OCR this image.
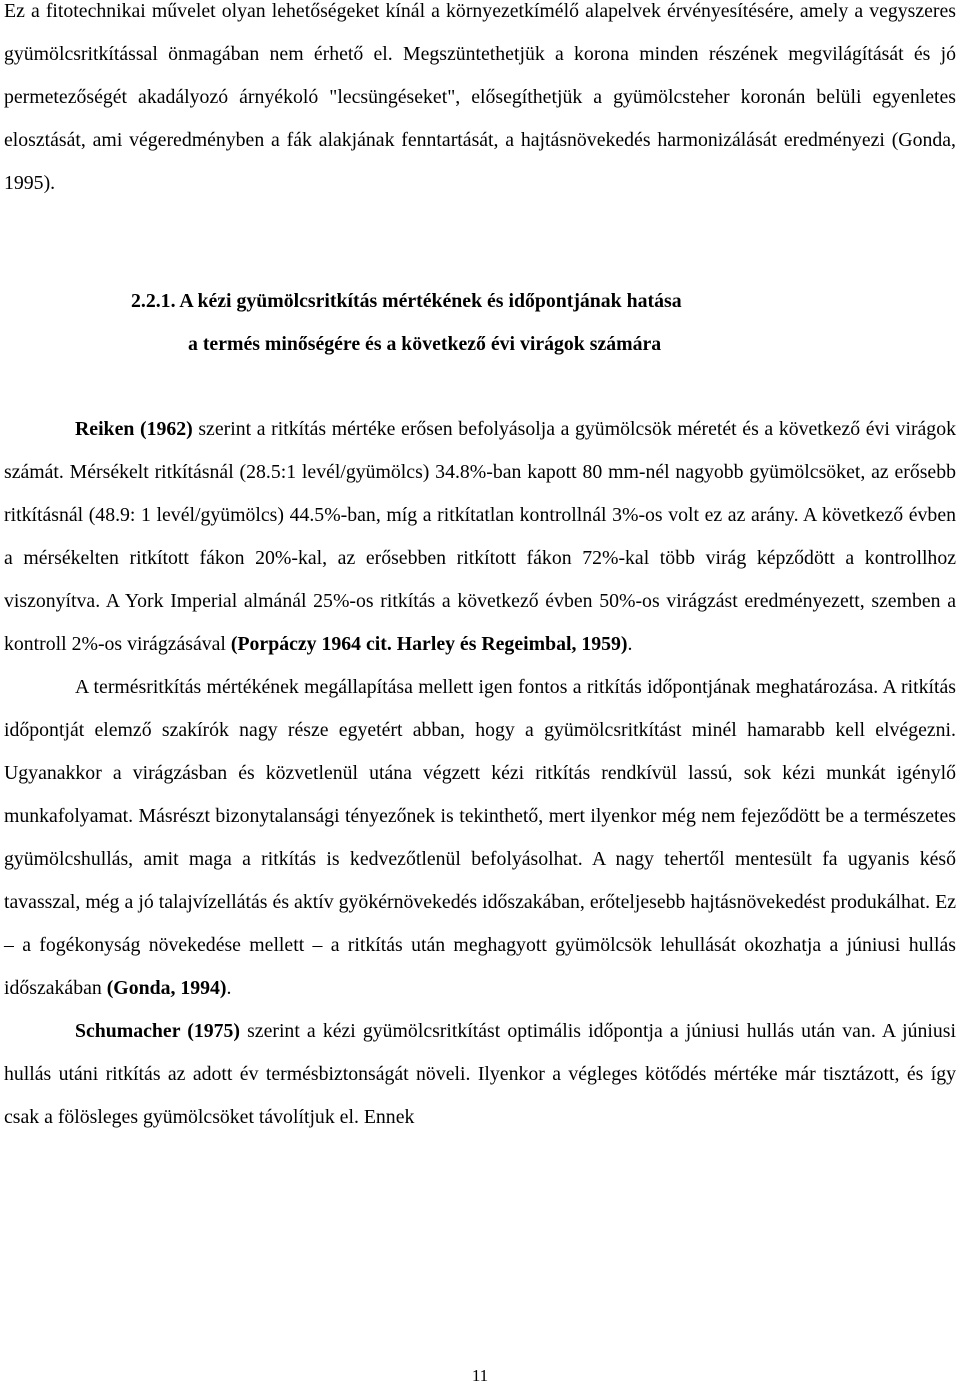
Ez a fitotechnikai művelet olyan lehetőségeket kínál a környezetkímélő alapelvek érvényesítésére, amely a vegyszeres gyümölcsritkítással önmagában nem érhető el. Megszüntethetjük a korona minden részének megvilágítását és jó permetezőségét akadályozó árnyékoló "lecsüngéseket", elősegíthetjük a gyümölcsteher koronán belüli egyenletes elosztását, ami végeredményben a fák alakjának fenntartását, a hajtásnövekedés harmonizálását eredményezi (Gonda, 1995).

2.2.1. A kézi gyümölcsritkítás mértékének és időpontjának hatása
a termés minőségére és a következő évi virágok számára

Reiken (1962) szerint a ritkítás mértéke erősen befolyásolja a gyümölcsök méretét és a következő évi virágok számát. Mérsékelt ritkításnál (28.5:1 levél/gyümölcs) 34.8%-ban kapott 80 mm-nél nagyobb gyümölcsöket, az erősebb ritkításnál (48.9: 1 levél/gyümölcs) 44.5%-ban, míg a ritkítatlan kontrollnál 3%-os volt ez az arány. A következő évben a mérsékelten ritkított fákon 20%-kal, az erősebben ritkított fákon 72%-kal több virág képződött a kontrollhoz viszonyítva. A York Imperial almánál 25%-os ritkítás a következő évben 50%-os virágzást eredményezett, szemben a kontroll 2%-os virágzásával (Porpáczy 1964 cit. Harley és Regeimbal, 1959).

A termésritkítás mértékének megállapítása mellett igen fontos a ritkítás időpontjának meghatározása. A ritkítás időpontját elemző szakírók nagy része egyetért abban, hogy a gyümölcsritkítást minél hamarabb kell elvégezni. Ugyanakkor a virágzásban és közvetlenül utána végzett kézi ritkítás rendkívül lassú, sok kézi munkát igénylő munkafolyamat. Másrészt bizonytalansági tényezőnek is tekinthető, mert ilyenkor még nem fejeződött be a természetes gyümölcshullás, amit maga a ritkítás is kedvezőtlenül befolyásolhat. A nagy tehertől mentesült fa ugyanis késő tavasszal, még a jó talajvízellátás és aktív gyökérnövekedés időszakában, erőteljesebb hajtásnövekedést produkálhat. Ez – a fogékonyság növekedése mellett – a ritkítás után meghagyott gyümölcsök lehullását okozhatja a júniusi hullás időszakában (Gonda, 1994).

Schumacher (1975) szerint a kézi gyümölcsritkítást optimális időpontja a júniusi hullás után van. A júniusi hullás utáni ritkítás az adott év termésbiztonságát növeli. Ilyenkor a végleges kötődés mértéke már tisztázott, és így csak a fölösleges gyümölcsöket távolítjuk el. Ennek

11
